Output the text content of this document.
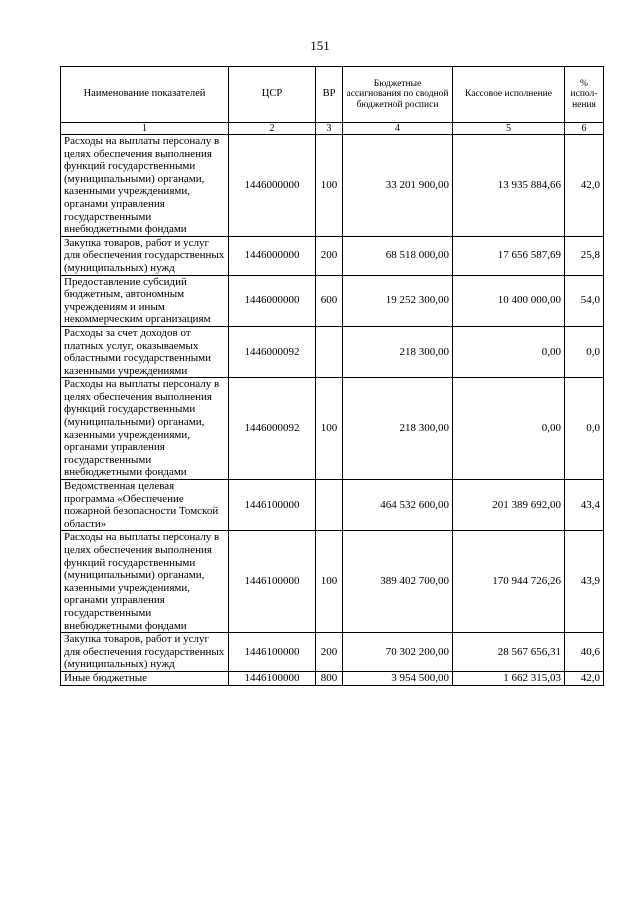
151
Наименование показателей	ЦСР	ВР	Бюджетные ассигнования по сводной бюджетной росписи	Кассовое исполнение	% испол-нения
1	2	3	4	5	6
Расходы на выплаты персоналу в целях обеспечения выполнения функций государственными (муниципальными) органами, казенными учреждениями, органами управления государственными внебюджетными фондами	1446000000	100	33 201 900,00	13 935 884,66	42,0
Закупка товаров, работ и услуг для обеспечения государственных (муниципальных) нужд	1446000000	200	68 518 000,00	17 656 587,69	25,8
Предоставление субсидий бюджетным, автономным учреждениям и иным некоммерческим организациям	1446000000	600	19 252 300,00	10 400 000,00	54,0
Расходы за счет доходов от платных услуг, оказываемых областными государственными казенными учреждениями	1446000092		218 300,00	0,00	0,0
Расходы на выплаты персоналу в целях обеспечения выполнения функций государственными (муниципальными) органами, казенными учреждениями, органами управления государственными внебюджетными фондами	1446000092	100	218 300,00	0,00	0,0
Ведомственная целевая программа «Обеспечение пожарной безопасности Томской области»	1446100000		464 532 600,00	201 389 692,00	43,4
Расходы на выплаты персоналу в целях обеспечения выполнения функций государственными (муниципальными) органами, казенными учреждениями, органами управления государственными внебюджетными фондами	1446100000	100	389 402 700,00	170 944 726,26	43,9
Закупка товаров, работ и услуг для обеспечения государственных (муниципальных) нужд	1446100000	200	70 302 200,00	28 567 656,31	40,6
Иные бюджетные	1446100000	800	3 954 500,00	1 662 315,03	42,0
